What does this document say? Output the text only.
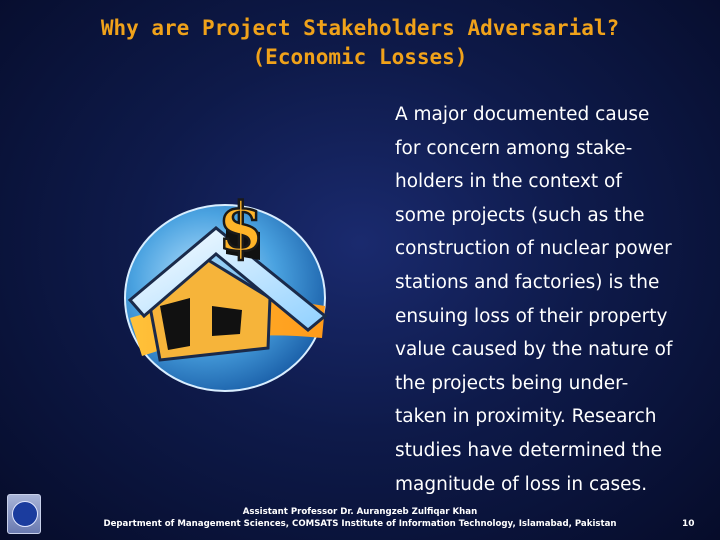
Why are Project Stakeholders Adversarial?
(Economic Losses)
$
A major documented cause
for concern among stake-
holders in the context of
some projects (such as the
construction of nuclear power
stations and factories) is the
ensuing loss of their property
value caused by the nature of
the projects being under-
taken in proximity. Research
studies have determined the
magnitude of loss in cases.
Assistant Professor Dr. Aurangzeb Zulfiqar Khan
Department of Management Sciences, COMSATS Institute of Information Technology, Islamabad, Pakistan	10
